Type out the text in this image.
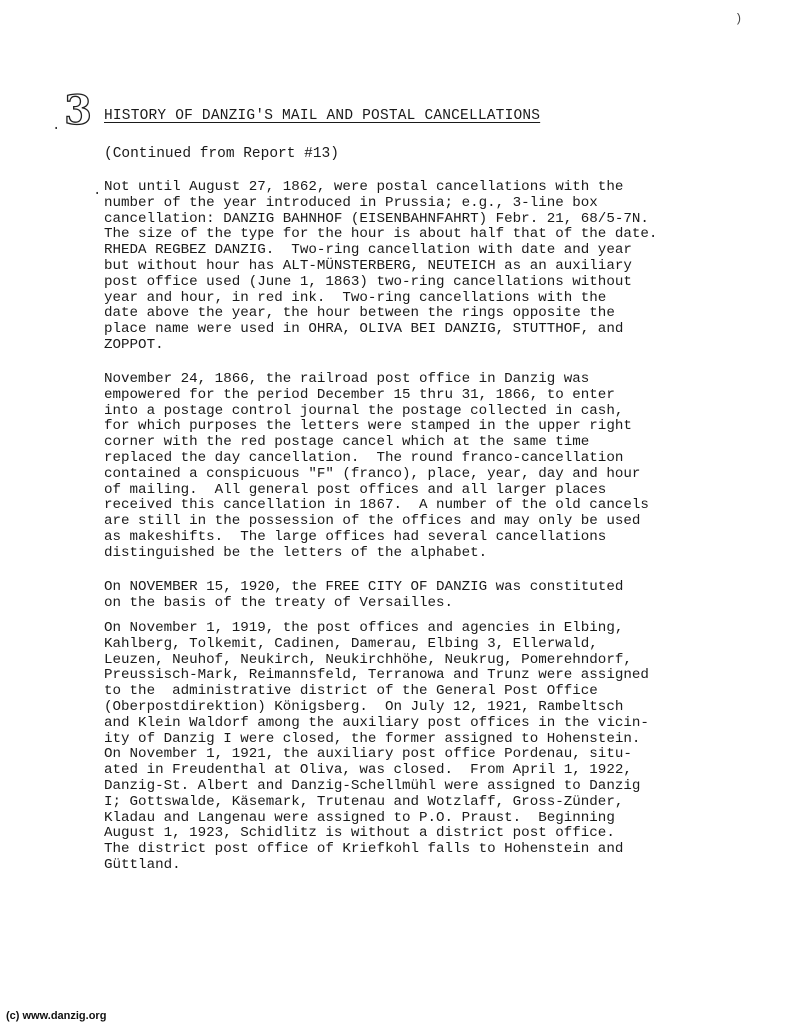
)
.
·
3 HISTORY OF DANZIG'S MAIL AND POSTAL CANCELLATIONS
(Continued from Report #13)
Not until August 27, 1862, were postal cancellations with the
number of the year introduced in Prussia; e.g., 3-line box
cancellation: DANZIG BAHNHOF (EISENBAHNFAHRT) Febr. 21, 68/5-7N.
The size of the type for the hour is about half that of the date.
RHEDA REGBEZ DANZIG.  Two-ring cancellation with date and year
but without hour has ALT-MÜNSTERBERG, NEUTEICH as an auxiliary
post office used (June 1, 1863) two-ring cancellations without
year and hour, in red ink.  Two-ring cancellations with the
date above the year, the hour between the rings opposite the
place name were used in OHRA, OLIVA BEI DANZIG, STUTTHOF, and
ZOPPOT.
November 24, 1866, the railroad post office in Danzig was
empowered for the period December 15 thru 31, 1866, to enter
into a postage control journal the postage collected in cash,
for which purposes the letters were stamped in the upper right
corner with the red postage cancel which at the same time
replaced the day cancellation.  The round franco-cancellation
contained a conspicuous "F" (franco), place, year, day and hour
of mailing.  All general post offices and all larger places
received this cancellation in 1867.  A number of the old cancels
are still in the possession of the offices and may only be used
as makeshifts.  The large offices had several cancellations
distinguished be the letters of the alphabet.
On NOVEMBER 15, 1920, the FREE CITY OF DANZIG was constituted
on the basis of the treaty of Versailles.
On November 1, 1919, the post offices and agencies in Elbing,
Kahlberg, Tolkemit, Cadinen, Damerau, Elbing 3, Ellerwald,
Leuzen, Neuhof, Neukirch, Neukirchhöhe, Neukrug, Pomerehndorf,
Preussisch-Mark, Reimannsfeld, Terranowa and Trunz were assigned
to the  administrative district of the General Post Office
(Oberpostdirektion) Königsberg.  On July 12, 1921, Rambeltsch
and Klein Waldorf among the auxiliary post offices in the vicin-
ity of Danzig I were closed, the former assigned to Hohenstein.
On November 1, 1921, the auxiliary post office Pordenau, situ-
ated in Freudenthal at Oliva, was closed.  From April 1, 1922,
Danzig-St. Albert and Danzig-Schellmühl were assigned to Danzig
I; Gottswalde, Käsemark, Trutenau and Wotzlaff, Gross-Zünder,
Kladau and Langenau were assigned to P.O. Praust.  Beginning
August 1, 1923, Schidlitz is without a district post office.
The district post office of Kriefkohl falls to Hohenstein and
Güttland.
(c) www.danzig.org
